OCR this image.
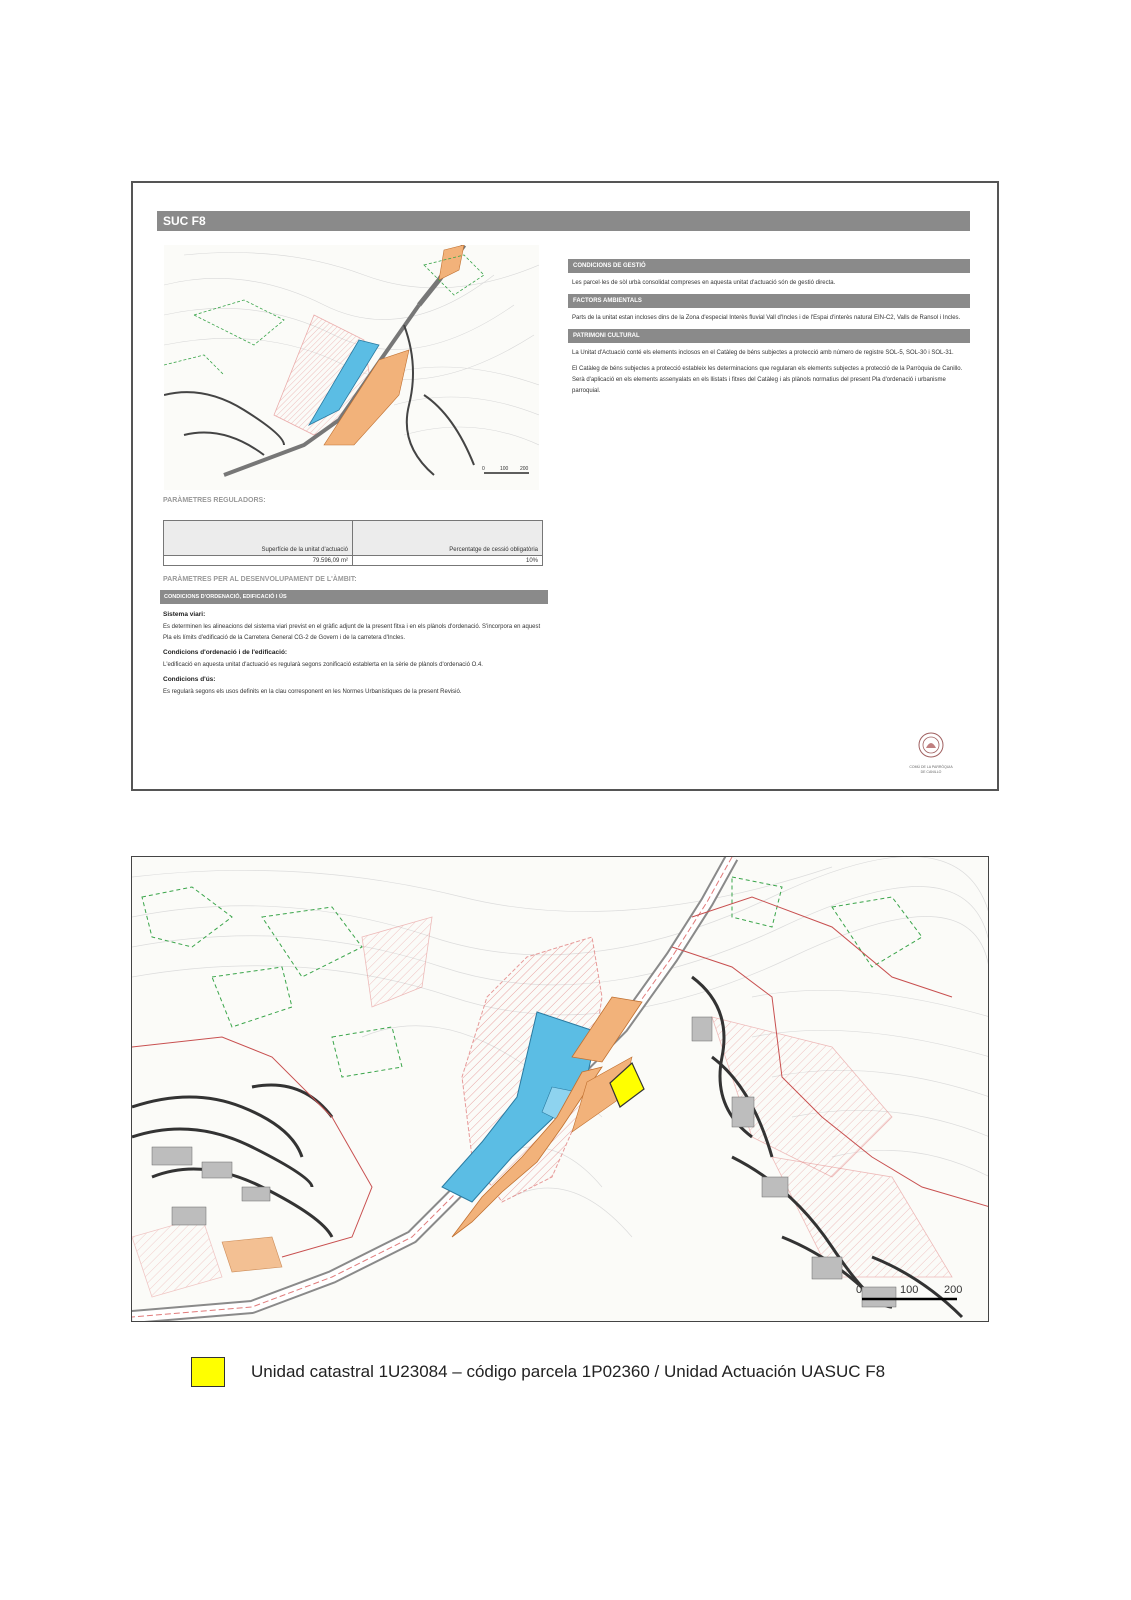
SUC F8
0	100 200
CONDICIONS DE GESTIÓ
Les parcel·les de sòl urbà consolidat compreses en aquesta unitat d'actuació són de gestió directa.
FACTORS AMBIENTALS
Parts de la unitat estan incloses dins de la Zona d'especial Interès fluvial Vall d'Incles i de l'Espai d'interès natural EIN-C2, Valls de Ransol i Incles.
PATRIMONI CULTURAL
La Unitat d'Actuació conté els elements inclosos en el Catàleg de béns subjectes a protecció amb número de registre SOL-5, SOL-30 i SOL-31.
El Catàleg de béns subjectes a protecció estableix les determinacions que regularan els elements subjectes a protecció de la Parròquia de Canillo. Serà d'aplicació en els elements assenyalats en els llistats i fitxes del Catàleg i als plànols normatius del present Pla d'ordenació i urbanisme parroquial.
PARÀMETRES REGULADORS:
Superfície de la unitat d'actuació
79.596,09 m²
Percentatge de cessió obligatòria
10%
PARÀMETRES PER AL DESENVOLUPAMENT DE L'ÀMBIT:
CONDICIONS D'ORDENACIÓ, EDIFICACIÓ I ÚS
Sistema viari:
Es determinen les alineacions del sistema viari previst en el gràfic adjunt de la present fitxa i en els plànols d'ordenació. S'incorpora en aquest Pla els límits d'edificació de la Carretera General CG-2 de Govern i de la carretera d'Incles.
Condicions d'ordenació i de l'edificació:
L'edificació en aquesta unitat d'actuació es regularà segons zonificació establerta en la sèrie de plànols d'ordenació O.4.
Condicions d'ús:
Es regularà segons els usos definits en la clau corresponent en les Normes Urbanístiques de la present Revisió.
COMÚ DE LA PARRÒQUIA DE CANILLO
0	100 200
Unidad catastral 1U23084 – código parcela 1P02360 / Unidad Actuación UASUC F8
